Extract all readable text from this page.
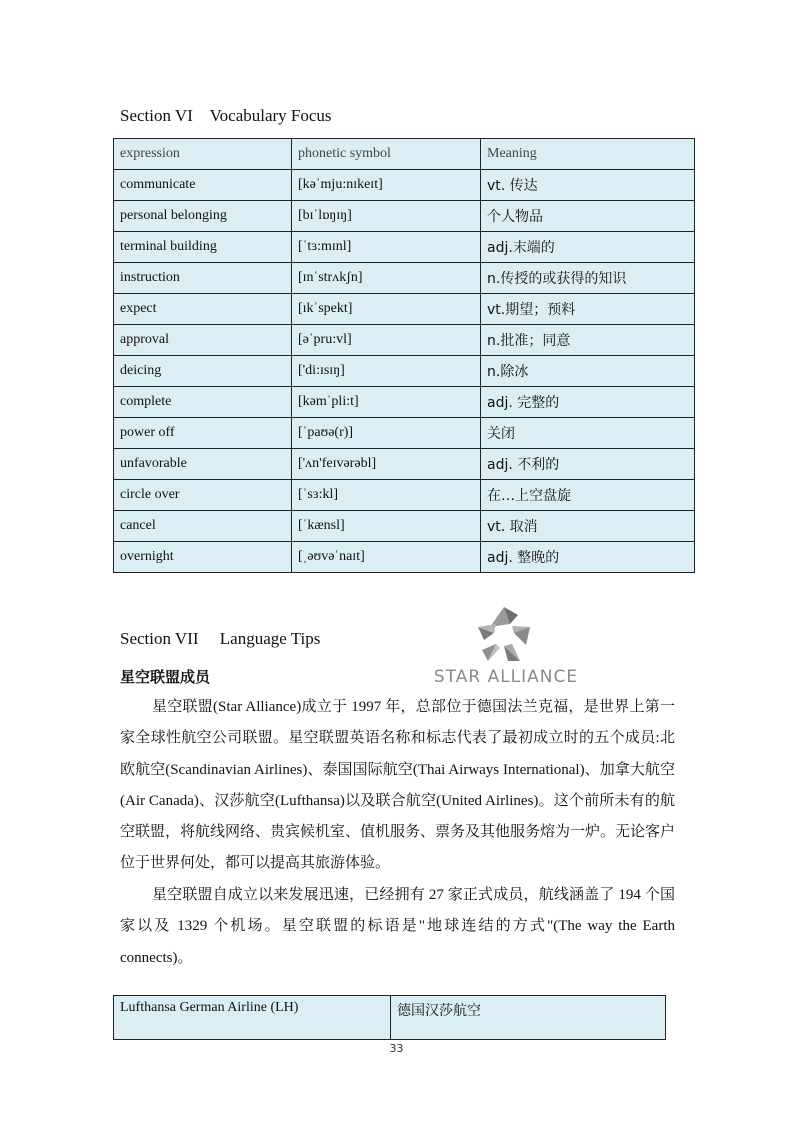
Section VI    Vocabulary Focus
expression	phonetic symbol	Meaning
communicate	[kəˈmju:nɪkeɪt]	vt. 传达
personal belonging	[bɪˈlɒŋɪŋ]	个人物品
terminal building	[ˈtɜ:mɪnl]	adj.末端的
instruction	[ɪnˈstrʌkʃn]	n.传授的或获得的知识
expect	[ɪkˈspekt]	vt.期望；预料
approval	[əˈpru:vl]	n.批准；同意
deicing	['di:ɪsɪŋ]	n.除冰
complete	[kəmˈpli:t]	adj. 完整的
power off	[ˈpaʊə(r)]	关闭
unfavorable	['ʌn'feɪvərəbl]	adj. 不利的
circle over	[ˈsɜ:kl]	在…上空盘旋
cancel	[ˈkænsl]	vt. 取消
overnight	[ˌəʊvəˈnaɪt]	adj. 整晚的
STAR ALLIANCE
Section VII     Language Tips
星空联盟成员
星空联盟(Star Alliance)成立于 1997 年，总部位于德国法兰克福，是世界上第一家全球性航空公司联盟。星空联盟英语名称和标志代表了最初成立时的五个成员:北欧航空(Scandinavian Airlines)、泰国国际航空(Thai Airways International)、加拿大航空(Air Canada)、汉莎航空(Lufthansa)以及联合航空(United Airlines)。这个前所未有的航空联盟，将航线网络、贵宾候机室、值机服务、票务及其他服务熔为一炉。无论客户位于世界何处，都可以提高其旅游体验。
星空联盟自成立以来发展迅速，已经拥有 27 家正式成员，航线涵盖了 194 个国家以及 1329 个机场。星空联盟的标语是"地球连结的方式"(The way the Earth connects)。
Lufthansa German Airline (LH)	德国汉莎航空
33
